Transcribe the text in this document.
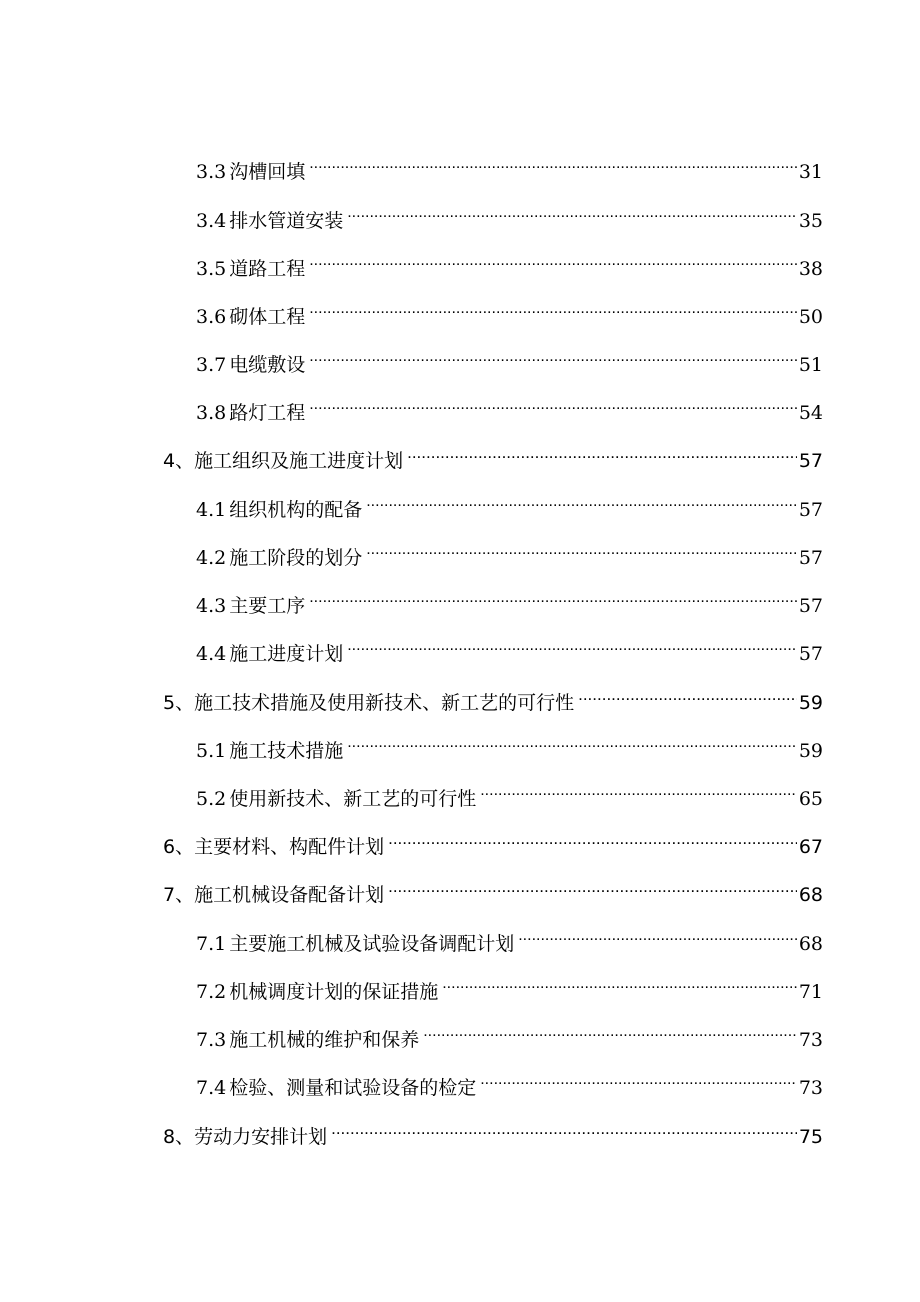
3.3 沟槽回填 .....	31
3.4 排水管道安装 .....	35
3.5 道路工程 .....	38
3.6 砌体工程 .....	50
3.7 电缆敷设 .....	51
3.8 路灯工程 .....	54
4、 施工组织及施工进度计划 .....	57
4.1 组织机构的配备 .....	57
4.2 施工阶段的划分 .....	57
4.3 主要工序 .....	57
4.4 施工进度计划 .....	57
5、 施工技术措施及使用新技术、新工艺的可行性 .....	59
5.1 施工技术措施 .....	59
5.2 使用新技术、新工艺的可行性 .....	65
6、 主要材料、构配件计划 .....	67
7、 施工机械设备配备计划 .....	68
7.1 主要施工机械及试验设备调配计划 .....	68
7.2 机械调度计划的保证措施 .....	71
7.3 施工机械的维护和保养 .....	73
7.4 检验、测量和试验设备的检定 .....	73
8、 劳动力安排计划 .....	75
